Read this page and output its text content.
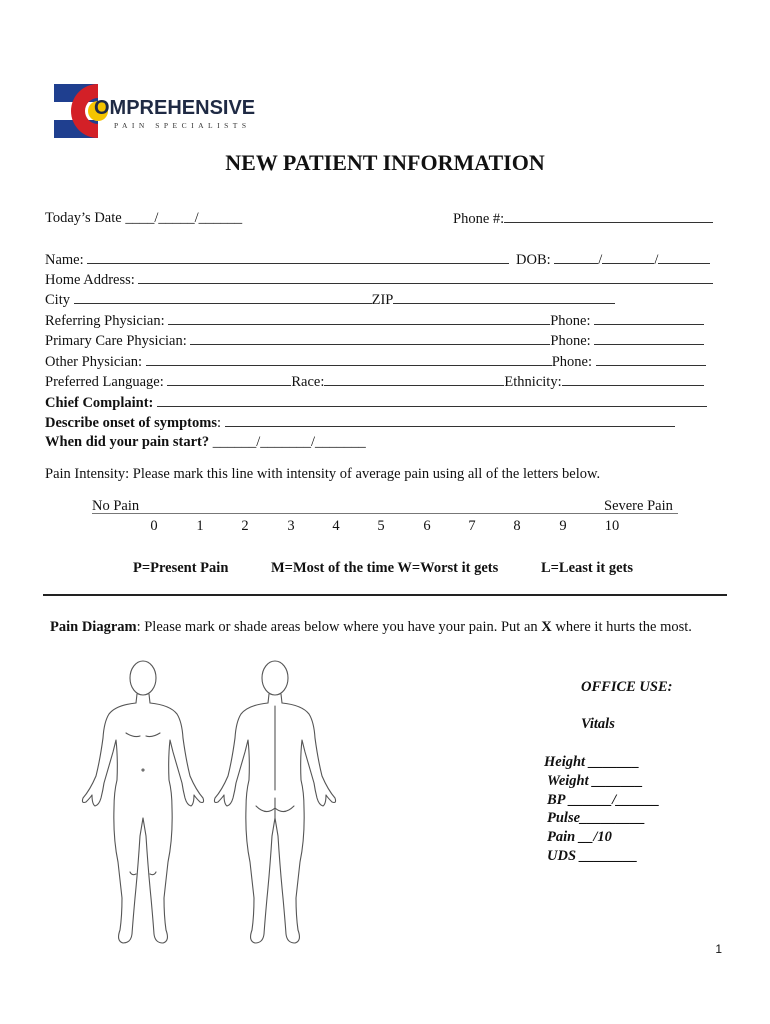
OMPREHENSIVE
PAIN SPECIALISTS
NEW PATIENT INFORMATION
Today’s Date ____/_____/______	Phone #:
Name:	DOB:	/	/
Home Address:
City	ZIP
Referring Physician:	Phone:
Primary Care Physician:	Phone:
Other Physician:	Phone:
Preferred Language:	Race:	Ethnicity:
Chief Complaint:
Describe onset of symptoms:
When did your pain start? ______/_______/_______
Pain Intensity: Please mark this line with intensity of average pain using all of the letters below.
No Pain	Severe Pain
0	1	2	3	4	5	6	7	8	9	10
P=Present Pain	M=Most of the time W=Worst it gets	L=Least it gets
Pain Diagram: Please mark or shade areas below where you have your pain. Put an X where it hurts the most.
OFFICE USE:
Vitals
Height _______
Weight _______
BP ______/______
Pulse_________
Pain __/10
UDS ________
1
